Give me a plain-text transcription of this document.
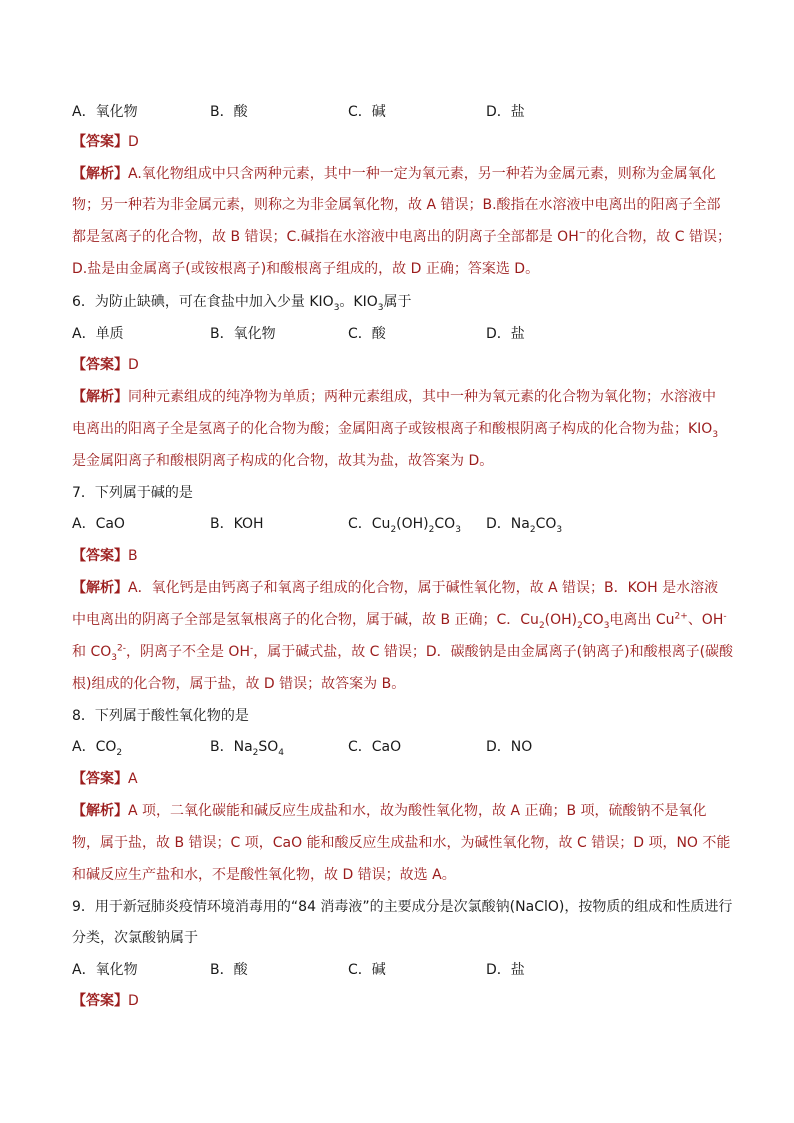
A．氧化物	B．酸	C．碱	D．盐
【答案】D
【解析】A.氧化物组成中只含两种元素，其中一种一定为氧元素，另一种若为金属元素，则称为金属氧化
物；另一种若为非金属元素，则称之为非金属氧化物，故 A 错误；B.酸指在水溶液中电离出的阳离子全部
都是氢离子的化合物，故 B 错误；C.碱指在水溶液中电离出的阴离子全部都是 OH−的化合物，故 C 错误；
D.盐是由金属离子(或铵根离子)和酸根离子组成的，故 D 正确；答案选 D。
6．为防止缺碘，可在食盐中加入少量 $KIO_3$。$KIO_3$属于
A．单质	B．氧化物	C．酸	D．盐
【答案】D
【解析】同种元素组成的纯净物为单质；两种元素组成，其中一种为氧元素的化合物为氧化物；水溶液中
电离出的阳离子全是氢离子的化合物为酸；金属阳离子或铵根离子和酸根阴离子构成的化合物为盐；$KIO_3$
是金属阳离子和酸根阴离子构成的化合物，故其为盐，故答案为 D。
7．下列属于碱的是
A．CaO	B．KOH	C．$Cu_2(OH)_2CO_3$ D．$Na_2CO_3$
【答案】B
【解析】A．氧化钙是由钙离子和氧离子组成的化合物，属于碱性氧化物，故 A 错误；B．KOH 是水溶液
中电离出的阴离子全部是氢氧根离子的化合物，属于碱，故 B 正确；C．$Cu_2(OH)_2CO_3$电离出 $Cu^{2+}$、OH-
和 $CO_3^{2-}$，阴离子不全是 OH-，属于碱式盐，故 C 错误；D．碳酸钠是由金属离子(钠离子)和酸根离子(碳酸
根)组成的化合物，属于盐，故 D 错误；故答案为 B。
8．下列属于酸性氧化物的是
A．$CO_2$	B．$Na_2SO_4$	C．CaO	D．NO
【答案】A
【解析】A 项，二氧化碳能和碱反应生成盐和水，故为酸性氧化物，故 A 正确；B 项，硫酸钠不是氧化
物，属于盐，故 B 错误；C 项，CaO 能和酸反应生成盐和水，为碱性氧化物，故 C 错误；D 项，NO 不能
和碱反应生产盐和水，不是酸性氧化物，故 D 错误；故选 A。
9．用于新冠肺炎疫情环境消毒用的“84 消毒液”的主要成分是次氯酸钠(NaClO)，按物质的组成和性质进行
分类，次氯酸钠属于
A．氧化物	B．酸	C．碱	D．盐
【答案】D
